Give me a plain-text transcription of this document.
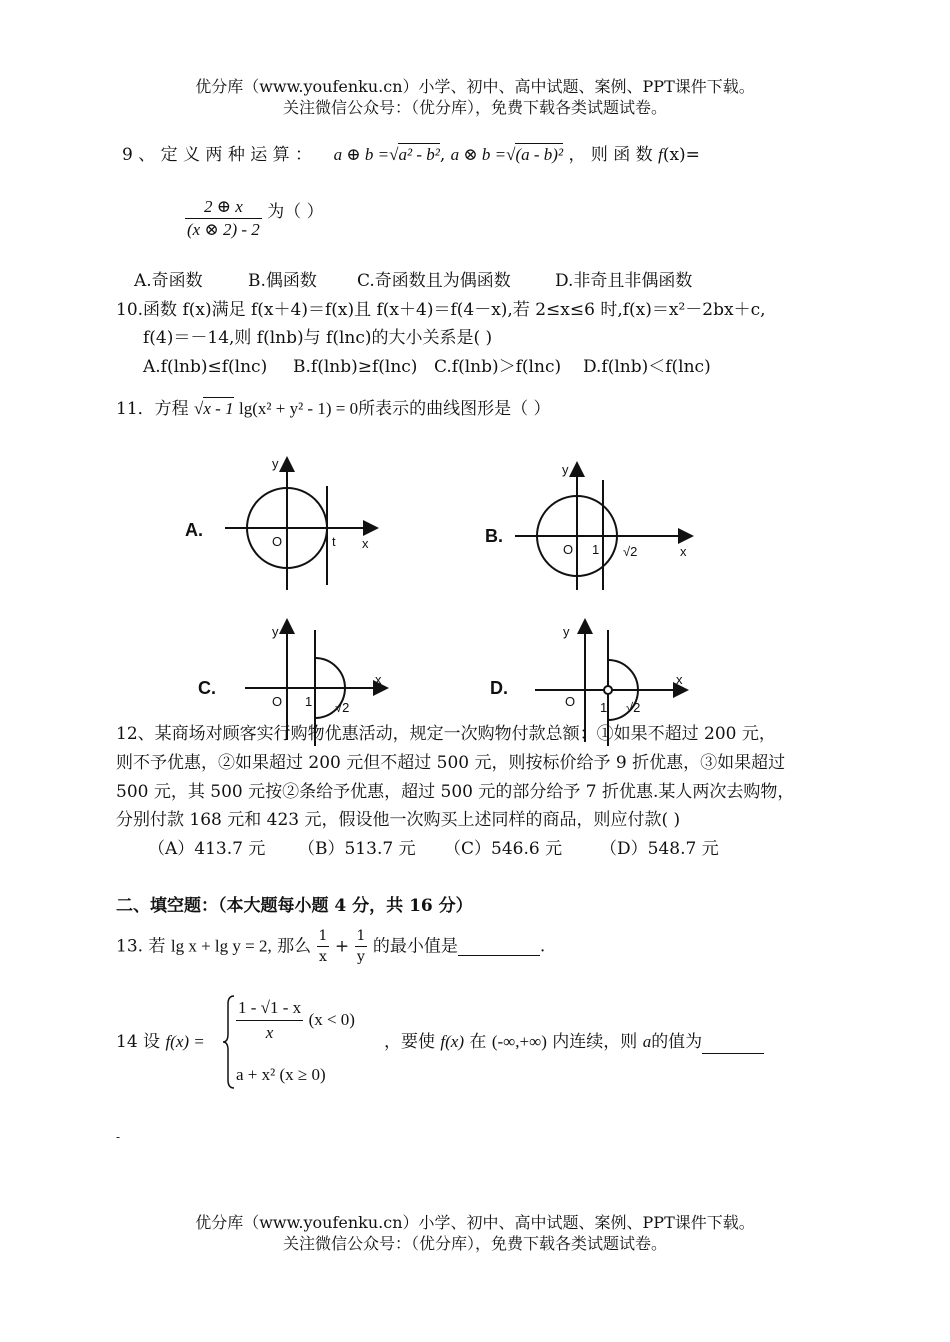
优分库（www.youfenku.cn）小学、初中、高中试题、案例、PPT课件下载。
关注微信公众号：（优分库），免费下载各类试题试卷。
9 、 定 义 两 种 运 算 ： a ⊕ b =√a² - b², a ⊗ b =√(a - b)² ， 则 函 数 f(x)=
$\frac{2 \oplus x}{(x \otimes 2) - 2}$ 为（ ）
A.奇函数	B.偶函数 C.奇函数且为偶函数	D.非奇且非偶函数
10.函数 f(x)满足 f(x＋4)＝f(x)且 f(x＋4)＝f(4－x),若 2≤x≤6 时,f(x)＝x²－2bx＋c,
f(4)＝－14,则 f(lnb)与 f(lnc)的大小关系是( )
A.f(lnb)≤f(lnc) B.f(lnb)≥f(lnc) C.f(lnb)＞f(lnc) D.f(lnb)＜f(lnc)
11．方程 √x - 1 lg(x² + y² - 1) = 0所表示的曲线图形是（ ）
A.	B.
C.	D.
y
x
O	t
y
x
O 1 √2
y
x
O 1 √2
y
x
O 1 √2
12、某商场对顾客实行购物优惠活动，规定一次购物付款总额：①如果不超过 200 元，
则不予优惠，②如果超过 200 元但不超过 500 元，则按标价给予 9 折优惠，③如果超过
500 元，其 500 元按②条给予优惠，超过 500 元的部分给予 7 折优惠.某人两次去购物，
分别付款 168 元和 423 元，假设他一次购买上述同样的商品，则应付款( )
（A）413.7 元 （B）513.7 元 （C）546.6 元 （D）548.7 元
二、填空题：（本大题每小题 4 分，共 16 分）
13. 若 lg x + lg y = 2, 那么 $\frac{1}{x} + \frac{1}{y}$ 的最小值是	.
14 设 $f(x) = \frac{1 - √1 - x}{x} (x < 0)$
a + x² (x ≥ 0)
，要使 f(x) 在 (-∞,+∞) 内连续，则 a的值为
-
优分库（www.youfenku.cn）小学、初中、高中试题、案例、PPT课件下载。
关注微信公众号：（优分库），免费下载各类试题试卷。
